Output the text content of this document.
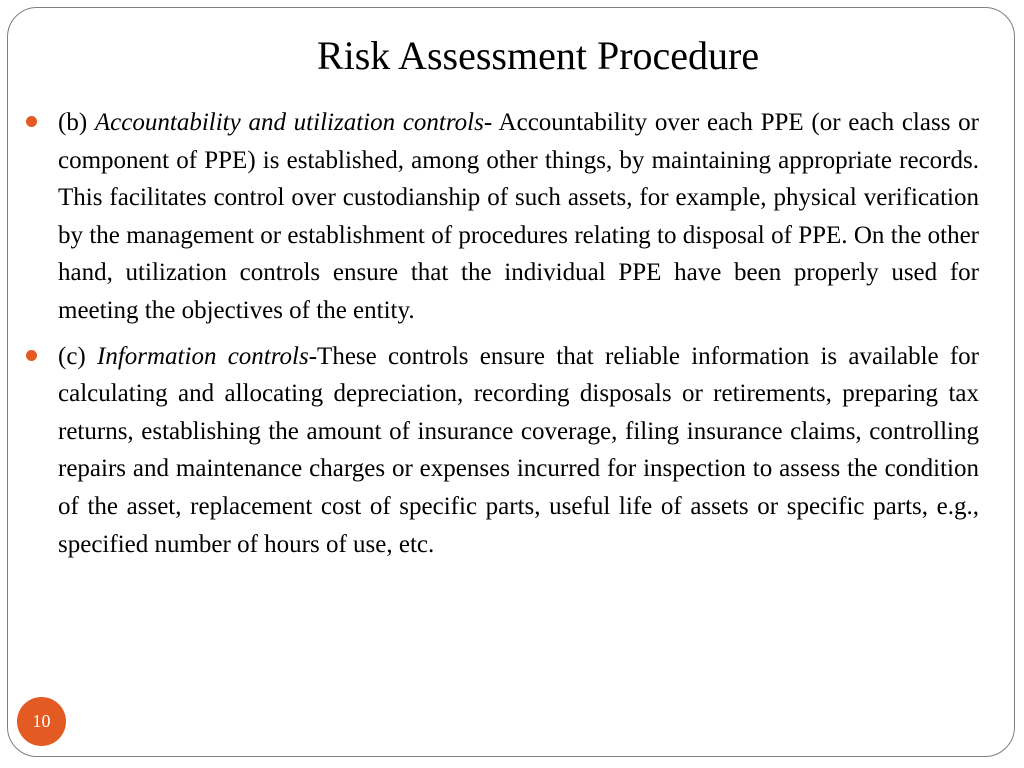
Risk Assessment Procedure

(b) Accountability and utilization controls- Accountability over each PPE (or each class or component of PPE) is established, among other things, by maintaining appropriate records. This facilitates control over custodianship of such assets, for example, physical verification by the management or establishment of procedures relating to disposal of PPE. On the other hand, utilization controls ensure that the individual PPE have been properly used for meeting the objectives of the entity.

(c) Information controls-These controls ensure that reliable information is available for calculating and allocating depreciation, recording disposals or retirements, preparing tax returns, establishing the amount of insurance coverage, filing insurance claims, controlling repairs and maintenance charges or expenses incurred for inspection to assess the condition of the asset, replacement cost of specific parts, useful life of assets or specific parts, e.g., specified number of hours of use, etc.

10
